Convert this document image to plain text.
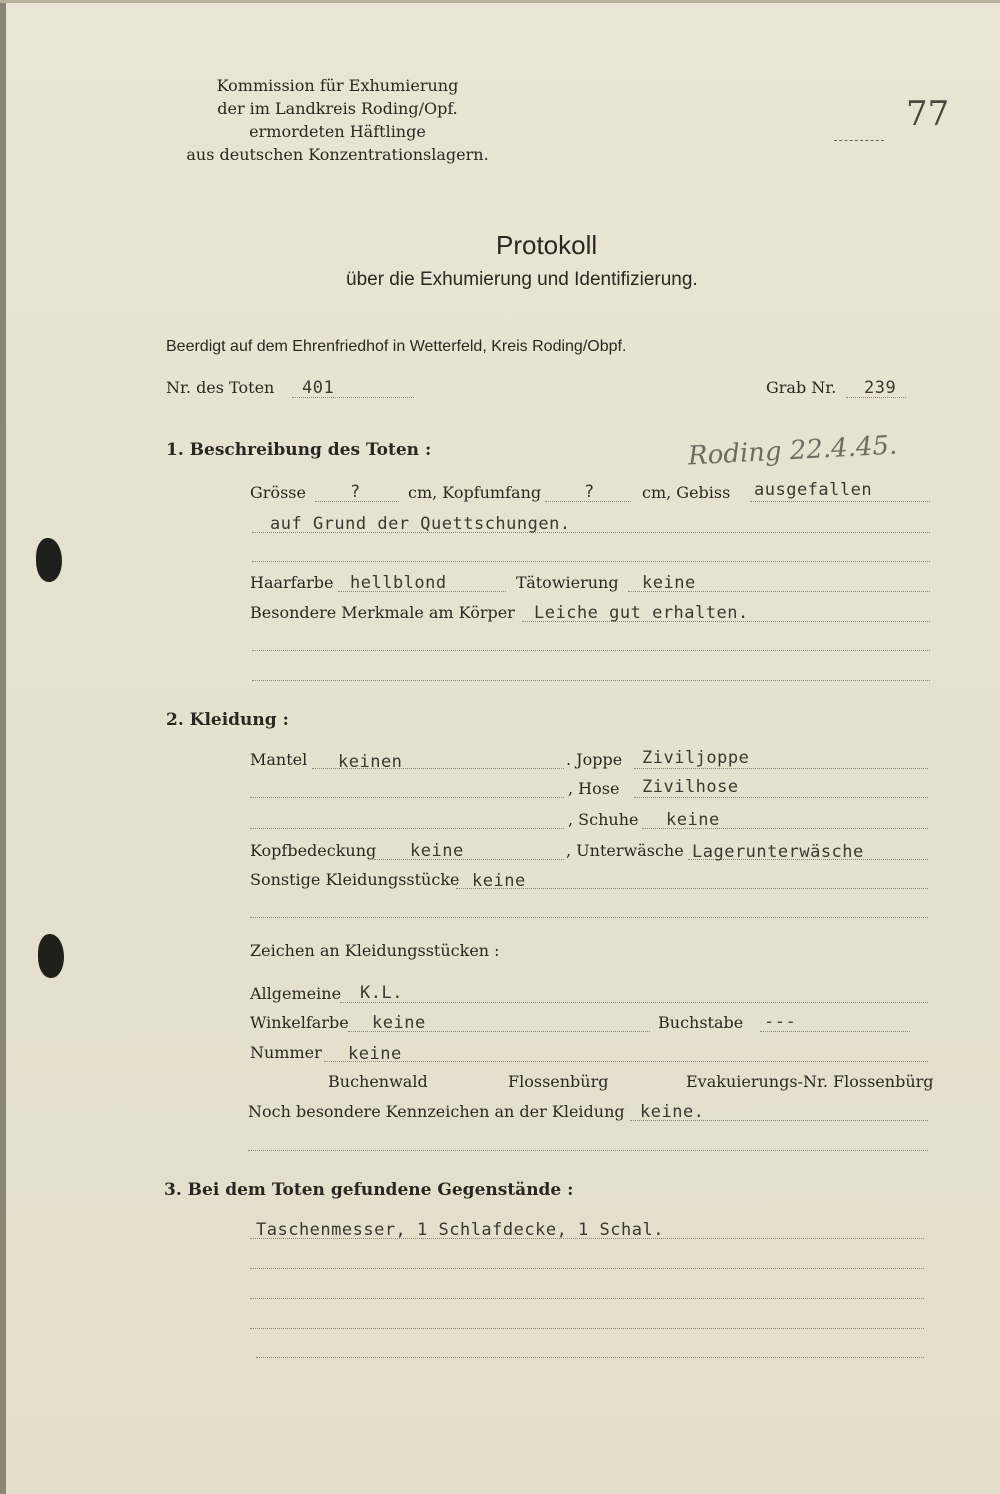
Kommission für Exhumierung
der im Landkreis Roding/Opf.
ermordeten Häftlinge
aus deutschen Konzentrationslagern.
77
Protokoll
über die Exhumierung und Identifizierung.
Beerdigt auf dem Ehrenfriedhof in Wetterfeld, Kreis Roding/Obpf.
Nr. des Toten 401	Grab Nr. 239
1. Beschreibung des Toten :	Roding 22.4.45.
Grösse	?	cm, Kopfumfang	?	cm, Gebiss ausgefallen
auf Grund der Quettschungen.
Haarfarbe hellblond	Tätowierung keine
Besondere Merkmale am Körper Leiche gut erhalten.
2. Kleidung :
Mantel keinen	. Joppe Ziviljoppe
, Hose Zivilhose
, Schuhe keine
Kopfbedeckung keine	, Unterwäsche Lagerunterwäsche
Sonstige Kleidungsstücke keine
Zeichen an Kleidungsstücken :
Allgemeine K.L.
Winkelfarbe keine	Buchstabe ---
Nummer keine
Buchenwald	Flossenbürg	Evakuierungs-Nr. Flossenbürg
Noch besondere Kennzeichen an der Kleidung keine.
3. Bei dem Toten gefundene Gegenstände :
Taschenmesser, 1 Schlafdecke, 1 Schal.
